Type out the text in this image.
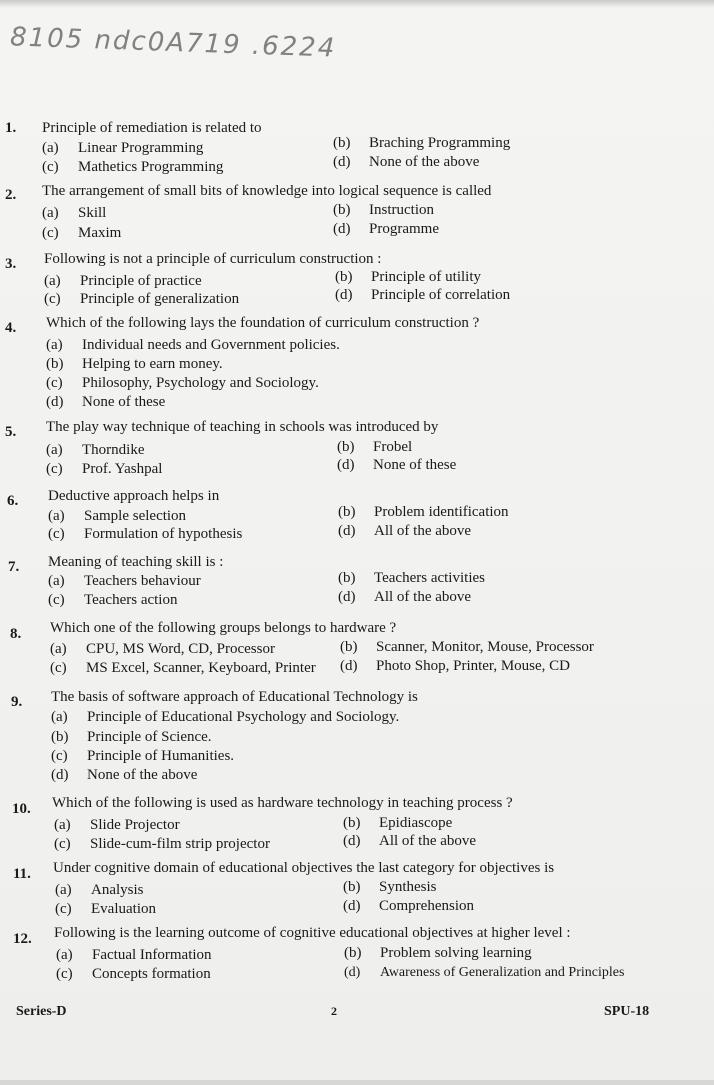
8105 ndc0A719 .6224
1. Principle of remediation is related to
(a) Linear Programming	(b) Braching Programming
(c) Mathetics Programming	(d) None of the above
2. The arrangement of small bits of knowledge into logical sequence is called
(a) Skill	(b) Instruction
(c) Maxim	(d) Programme
3. Following is not a principle of curriculum construction :
(a) Principle of practice	(b) Principle of utility
(c) Principle of generalization	(d) Principle of correlation
4. Which of the following lays the foundation of curriculum construction ?
(a) Individual needs and Government policies.
(b) Helping to earn money.
(c) Philosophy, Psychology and Sociology.
(d) None of these
5. The play way technique of teaching in schools was introduced by
(a) Thorndike	(b) Frobel
(c) Prof. Yashpal	(d) None of these
6. Deductive approach helps in
(a) Sample selection	(b) Problem identification
(c) Formulation of hypothesis	(d) All of the above
7. Meaning of teaching skill is :
(a) Teachers behaviour	(b) Teachers activities
(c) Teachers action	(d) All of the above
8. Which one of the following groups belongs to hardware ?
(a) CPU, MS Word, CD, Processor	(b) Scanner, Monitor, Mouse, Processor
(c) MS Excel, Scanner, Keyboard, Printer (d) Photo Shop, Printer, Mouse, CD
9. The basis of software approach of Educational Technology is
(a) Principle of Educational Psychology and Sociology.
(b) Principle of Science.
(c) Principle of Humanities.
(d) None of the above
10. Which of the following is used as hardware technology in teaching process ?
(a) Slide Projector	(b) Epidiascope
(c) Slide-cum-film strip projector	(d) All of the above
11. Under cognitive domain of educational objectives the last category for objectives is
(a) Analysis	(b) Synthesis
(c) Evaluation	(d) Comprehension
12. Following is the learning outcome of cognitive educational objectives at higher level :
(a) Factual Information	(b) Problem solving learning
(c) Concepts formation	(d) Awareness of Generalization and Principles
Series-D	2	SPU-18
